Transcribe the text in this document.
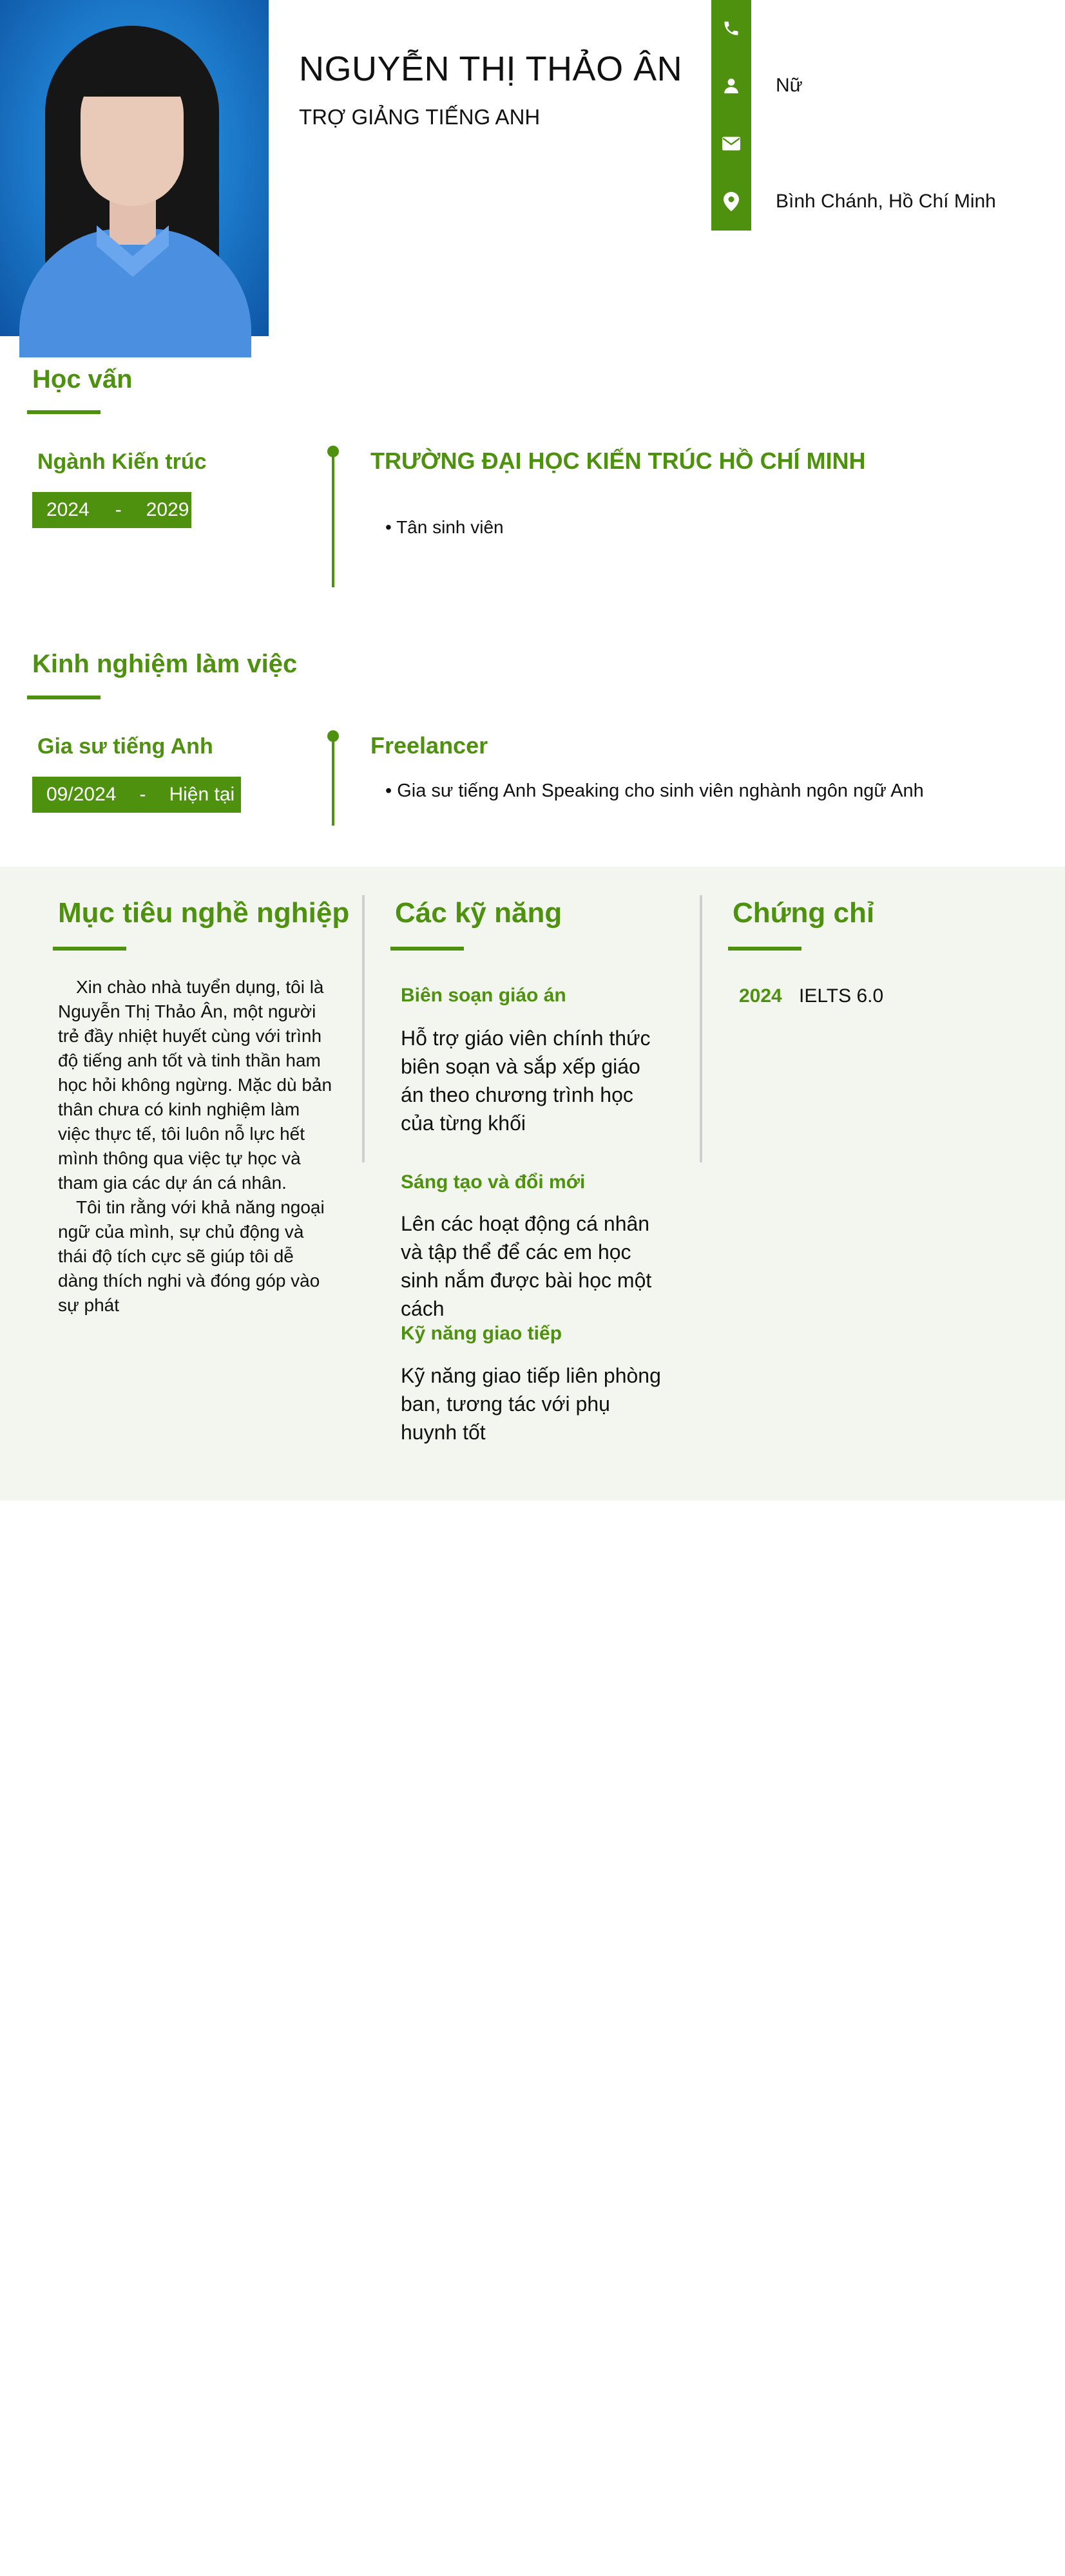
NGUYỄN THỊ THẢO ÂN
TRỢ GIẢNG TIẾNG ANH
Nữ
Bình Chánh, Hồ Chí Minh
Học vấn
Ngành Kiến trúc
2024 - 2029
TRƯỜNG ĐẠI HỌC KIẾN TRÚC HỒ CHÍ MINH
• Tân sinh viên
Kinh nghiệm làm việc
Gia sư tiếng Anh
09/2024 - Hiện tại
Freelancer
• Gia sư tiếng Anh Speaking cho sinh viên nghành ngôn ngữ Anh
Mục tiêu nghề nghiệp

Xin chào nhà tuyển dụng, tôi là Nguyễn Thị Thảo Ân, một người trẻ đầy nhiệt huyết cùng với trình độ tiếng anh tốt và tinh thần ham học hỏi không ngừng. Mặc dù bản thân chưa có kinh nghiệm làm việc thực tế, tôi luôn nỗ lực hết mình thông qua việc tự học và tham gia các dự án cá nhân.

Tôi tin rằng với khả năng ngoại ngữ của mình, sự chủ động và thái độ tích cực sẽ giúp tôi dễ dàng thích nghi và đóng góp vào sự phát

Các kỹ năng
Biên soạn giáo án
Hỗ trợ giáo viên chính thức biên soạn và sắp xếp giáo án theo chương trình học của từng khối
Sáng tạo và đổi mới
Lên các hoạt động cá nhân và tập thể để các em học sinh nắm được bài học một cách
Kỹ năng giao tiếp
Kỹ năng giao tiếp liên phòng ban, tương tác với phụ huynh tốt
Chứng chỉ
2024 IELTS 6.0
